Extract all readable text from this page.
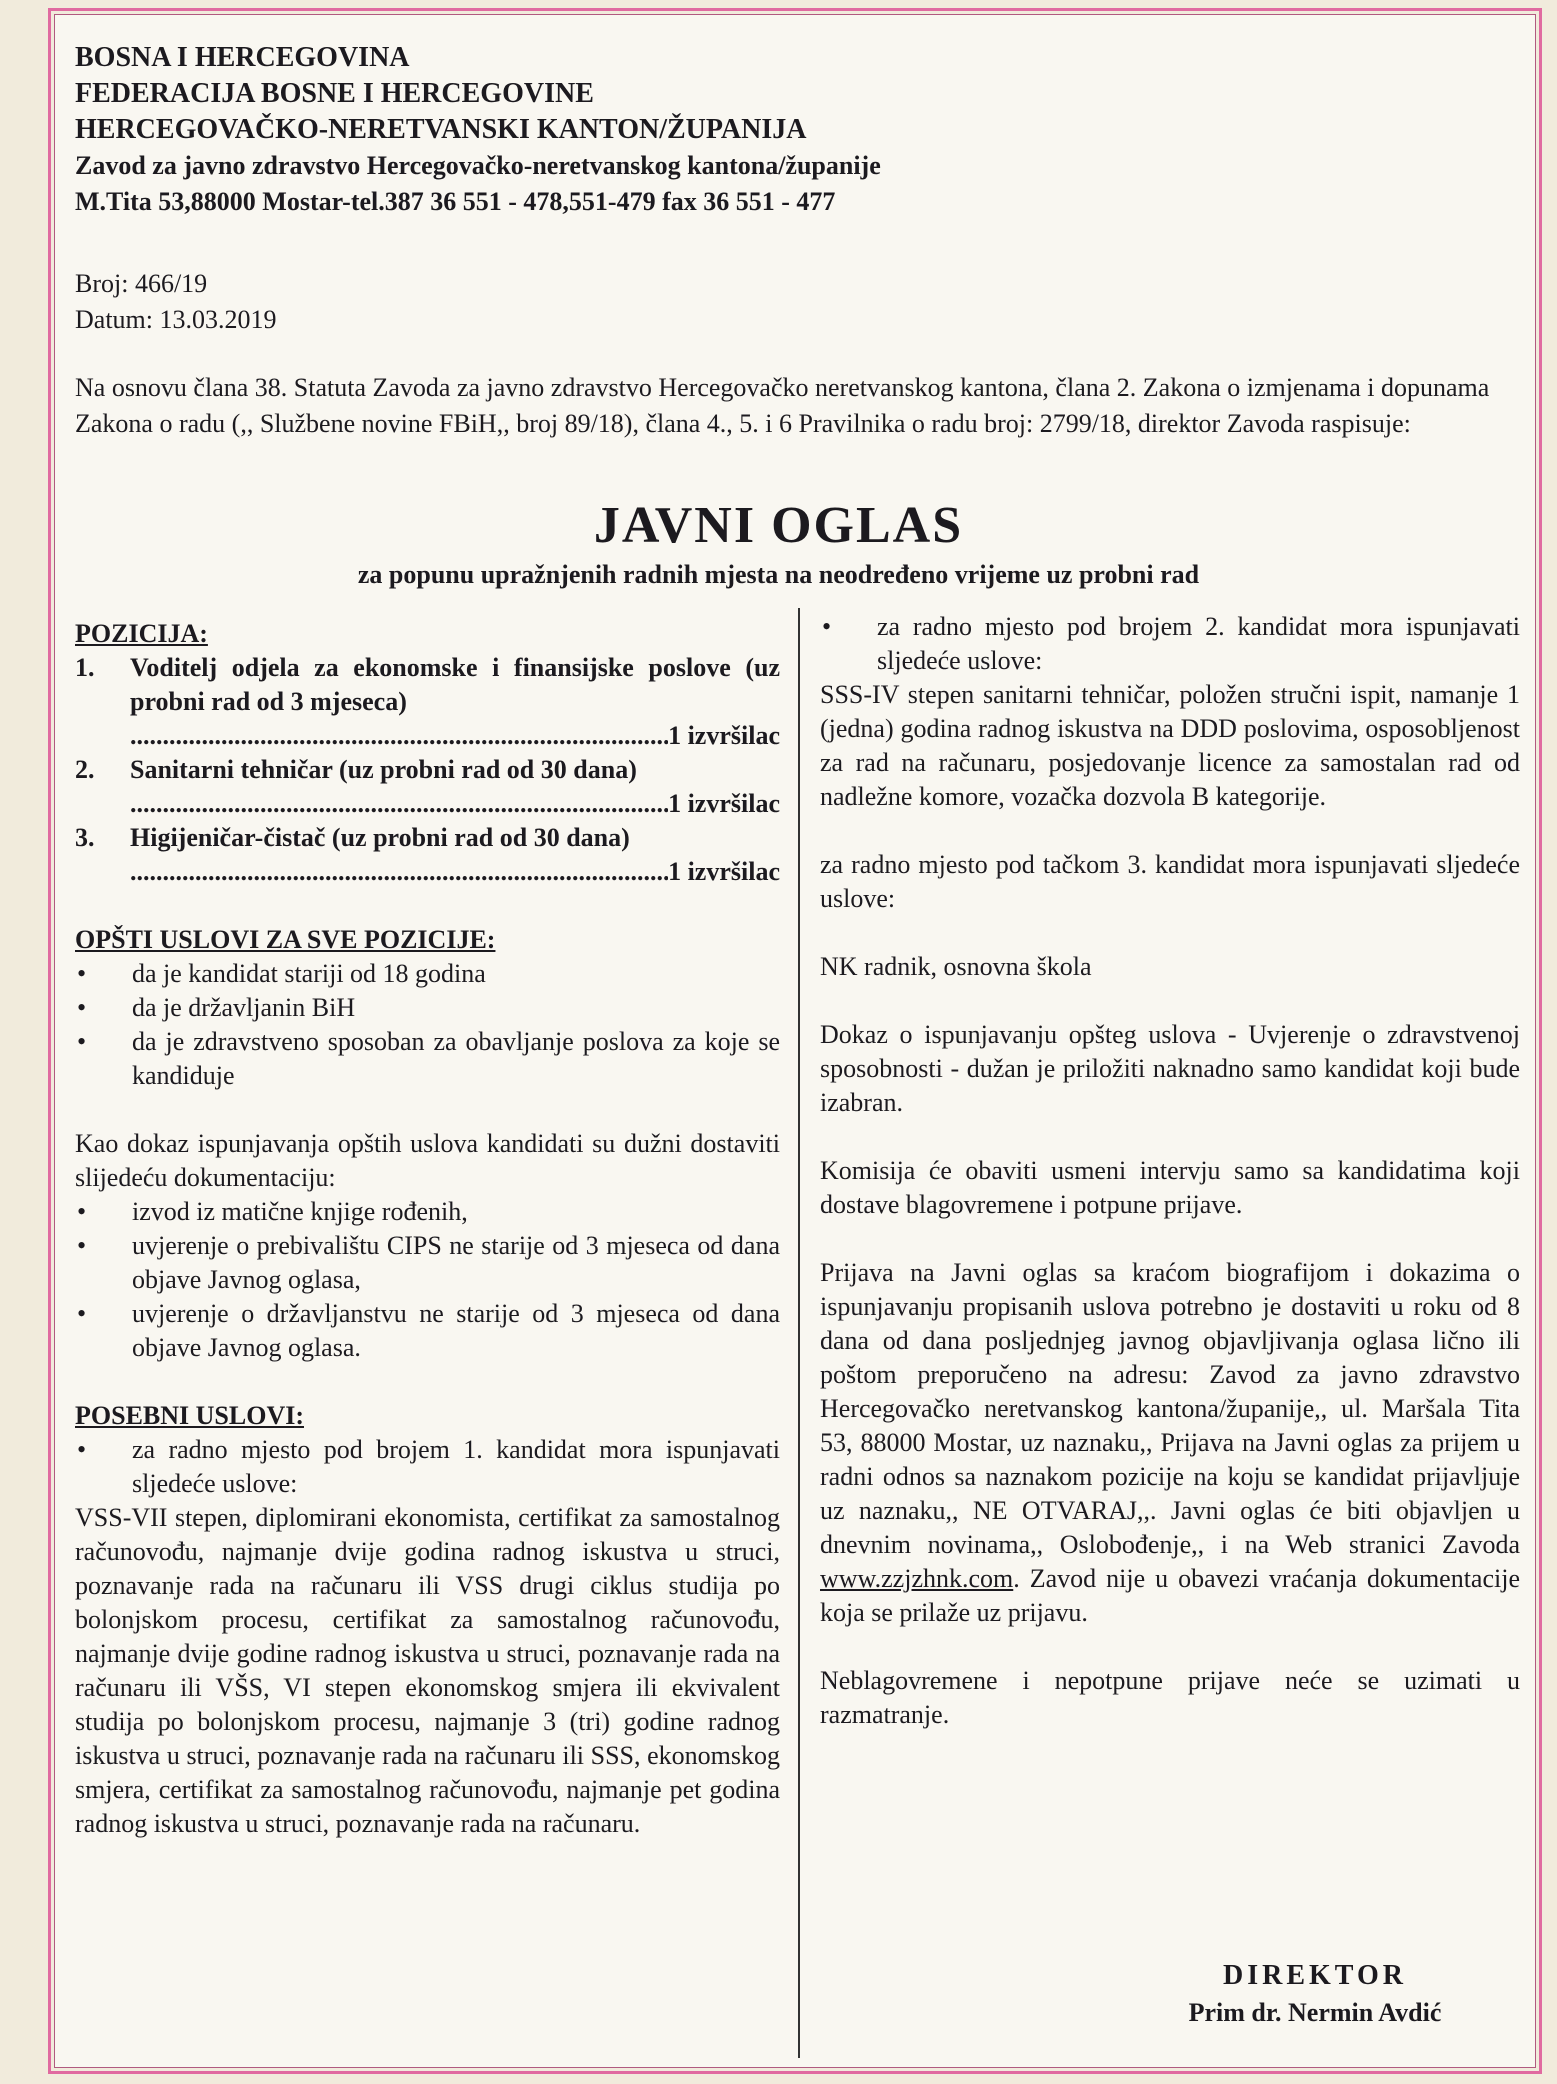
BOSNA I HERCEGOVINA
FEDERACIJA BOSNE I HERCEGOVINE
HERCEGOVAČKO-NERETVANSKI KANTON/ŽUPANIJA
Zavod za javno zdravstvo Hercegovačko-neretvanskog kantona/županije
M.Tita 53,88000 Mostar-tel.387 36 551 - 478,551-479 fax 36 551 - 477
Broj: 466/19
Datum: 13.03.2019
Na osnovu člana 38. Statuta Zavoda za javno zdravstvo Hercegovačko neretvanskog kantona, člana 2. Zakona o izmjenama i dopunama Zakona o radu (,, Službene novine FBiH,, broj 89/18), člana 4., 5. i 6 Pravilnika o radu broj: 2799/18, direktor Zavoda raspisuje:
JAVNI OGLAS
za popunu upražnjenih radnih mjesta na neodređeno vrijeme uz probni rad
POZICIJA:
1.	Voditelj odjela za ekonomske i finansijske poslove (uz probni rad od 3 mjeseca)
.....
1 izvršilac
2.	Sanitarni tehničar (uz probni rad od 30 dana)
.....
1 izvršilac
3.	Higijeničar-čistač (uz probni rad od 30 dana)
.....
1 izvršilac
OPŠTI USLOVI ZA SVE POZICIJE:
•	da je kandidat stariji od 18 godina
•	da je državljanin BiH
•	da je zdravstveno sposoban za obavljanje poslova za koje se kandiduje
Kao dokaz ispunjavanja opštih uslova kandidati su dužni dostaviti slijedeću dokumentaciju:
•	izvod iz matične knjige rođenih,
•	uvjerenje o prebivalištu CIPS ne starije od 3 mjeseca od dana objave Javnog oglasa,
•	uvjerenje o državljanstvu ne starije od 3 mjeseca od dana objave Javnog oglasa.
POSEBNI USLOVI:
•	za radno mjesto pod brojem 1. kandidat mora ispunjavati sljedeće uslove:
VSS-VII stepen, diplomirani ekonomista, certifikat za samostalnog računovođu, najmanje dvije godina radnog iskustva u struci, poznavanje rada na računaru ili VSS drugi ciklus studija po bolonjskom procesu, certifikat za samostalnog računovođu, najmanje dvije godine radnog iskustva u struci, poznavanje rada na računaru ili VŠS, VI stepen ekonomskog smjera ili ekvivalent studija po bolonjskom procesu, najmanje 3 (tri) godine radnog iskustva u struci, poznavanje rada na računaru ili SSS, ekonomskog smjera, certifikat za samostalnog računovođu, najmanje pet godina radnog iskustva u struci, poznavanje rada na računaru.
•	za radno mjesto pod brojem 2. kandidat mora ispunjavati sljedeće uslove:
SSS-IV stepen sanitarni tehničar, položen stručni ispit, namanje 1 (jedna) godina radnog iskustva na DDD poslovima, osposobljenost za rad na računaru, posjedovanje licence za samostalan rad od nadležne komore, vozačka dozvola B kategorije.
za radno mjesto pod tačkom 3. kandidat mora ispunjavati sljedeće uslove:
NK radnik, osnovna škola
Dokaz o ispunjavanju opšteg uslova - Uvjerenje o zdravstvenoj sposobnosti - dužan je priložiti naknadno samo kandidat koji bude izabran.
Komisija će obaviti usmeni intervju samo sa kandidatima koji dostave blagovremene i potpune prijave.
Prijava na Javni oglas sa kraćom biografijom i dokazima o ispunjavanju propisanih uslova potrebno je dostaviti u roku od 8 dana od dana posljednjeg javnog objavljivanja oglasa lično ili poštom preporučeno na adresu: Zavod za javno zdravstvo Hercegovačko neretvanskog kantona/županije,, ul. Maršala Tita 53, 88000 Mostar, uz naznaku,, Prijava na Javni oglas za prijem u radni odnos sa naznakom pozicije na koju se kandidat prijavljuje uz naznaku,, NE OTVARAJ,,. Javni oglas će biti objavljen u dnevnim novinama,, Oslobođenje,, i na Web stranici Zavoda www.zzjzhnk.com. Zavod nije u obavezi vraćanja dokumentacije koja se prilaže uz prijavu.
Neblagovremene i nepotpune prijave neće se uzimati u razmatranje.
DIREKTOR
Prim dr. Nermin Avdić
